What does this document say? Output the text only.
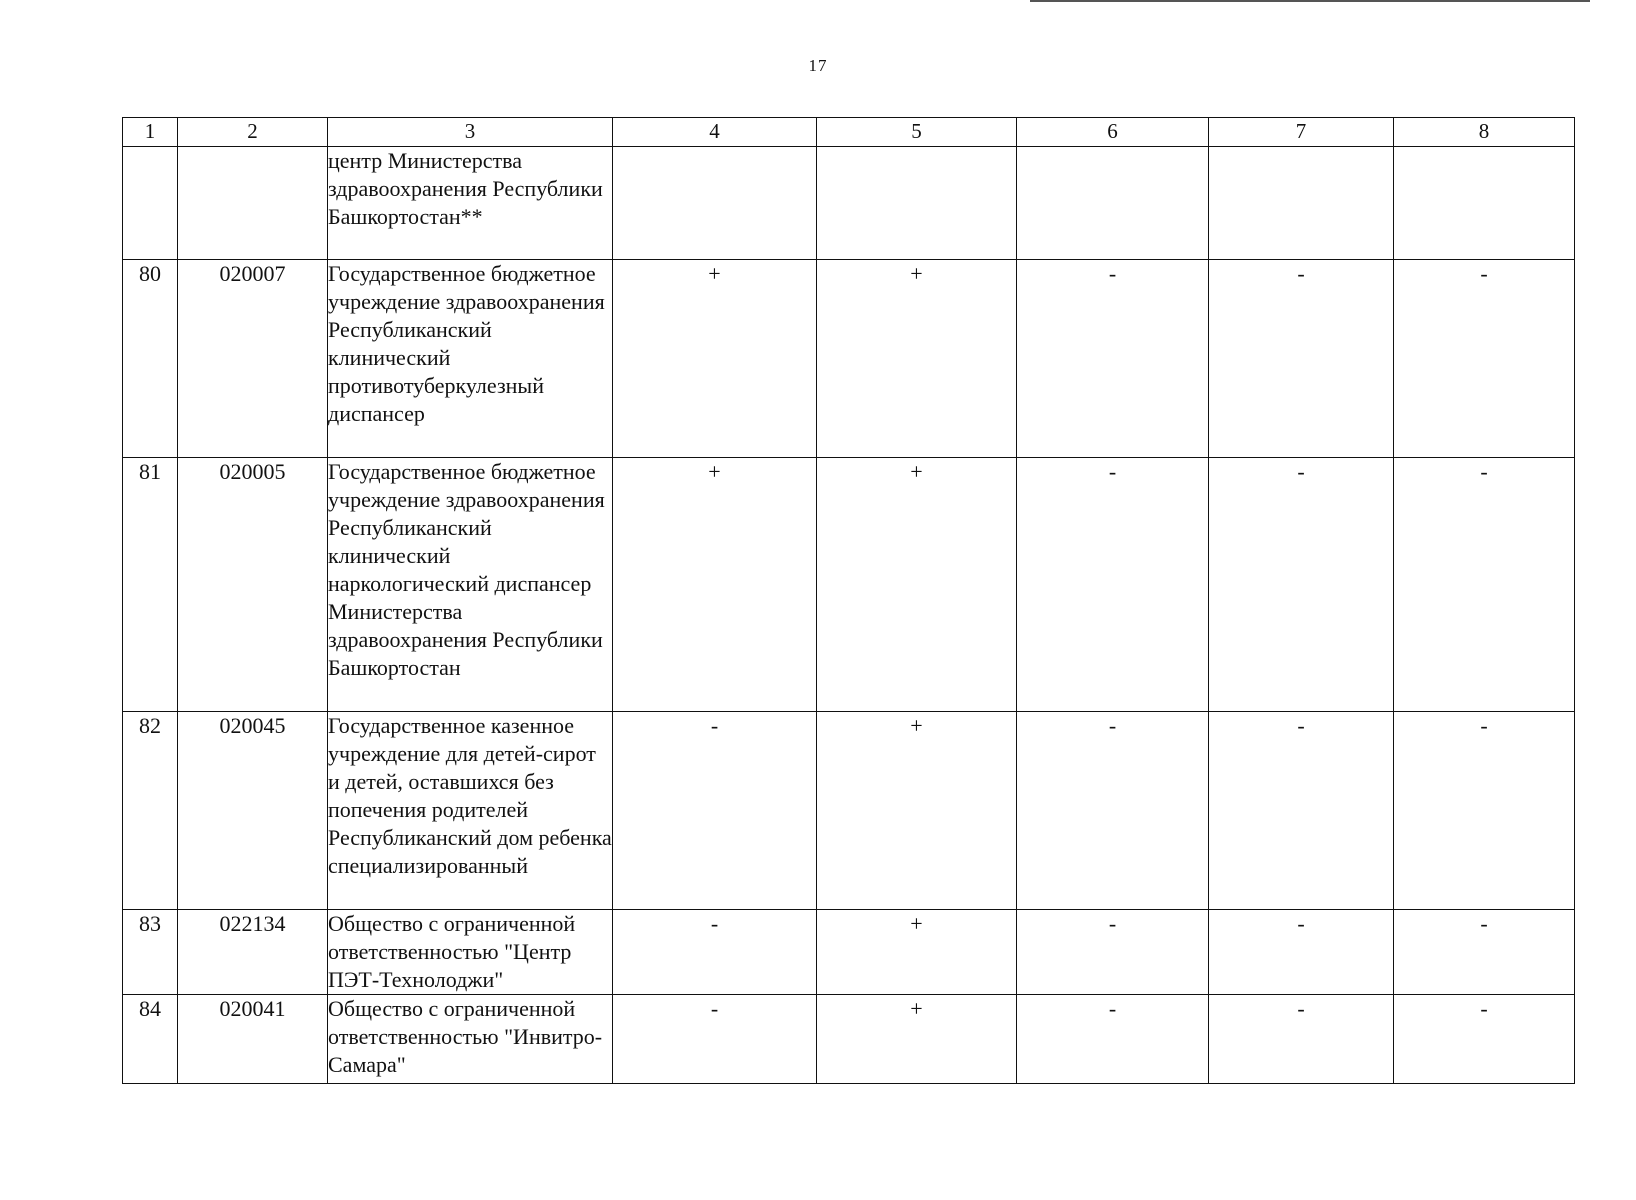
17
1	2	3	4	5	6	7	8
		центр Министерства здравоохранения Республики Башкортостан**					
80	020007	Государственное бюджетное учреждение здравоохранения Республиканский клинический противотуберкулезный диспансер	+	+	-	-	-
81	020005	Государственное бюджетное учреждение здравоохранения Республиканский клинический наркологический диспансер Министерства здравоохранения Республики Башкортостан	+	+	-	-	-
82	020045	Государственное казенное учреждение для детей-сирот и детей, оставшихся без попечения родителей Республиканский дом ребенка специализированный	-	+	-	-	-
83	022134	Общество с ограниченной ответственностью "Центр ПЭТ-Технолоджи"	-	+	-	-	-
84	020041	Общество с ограниченной ответственностью "Инвитро-Самара"	-	+	-	-	-
